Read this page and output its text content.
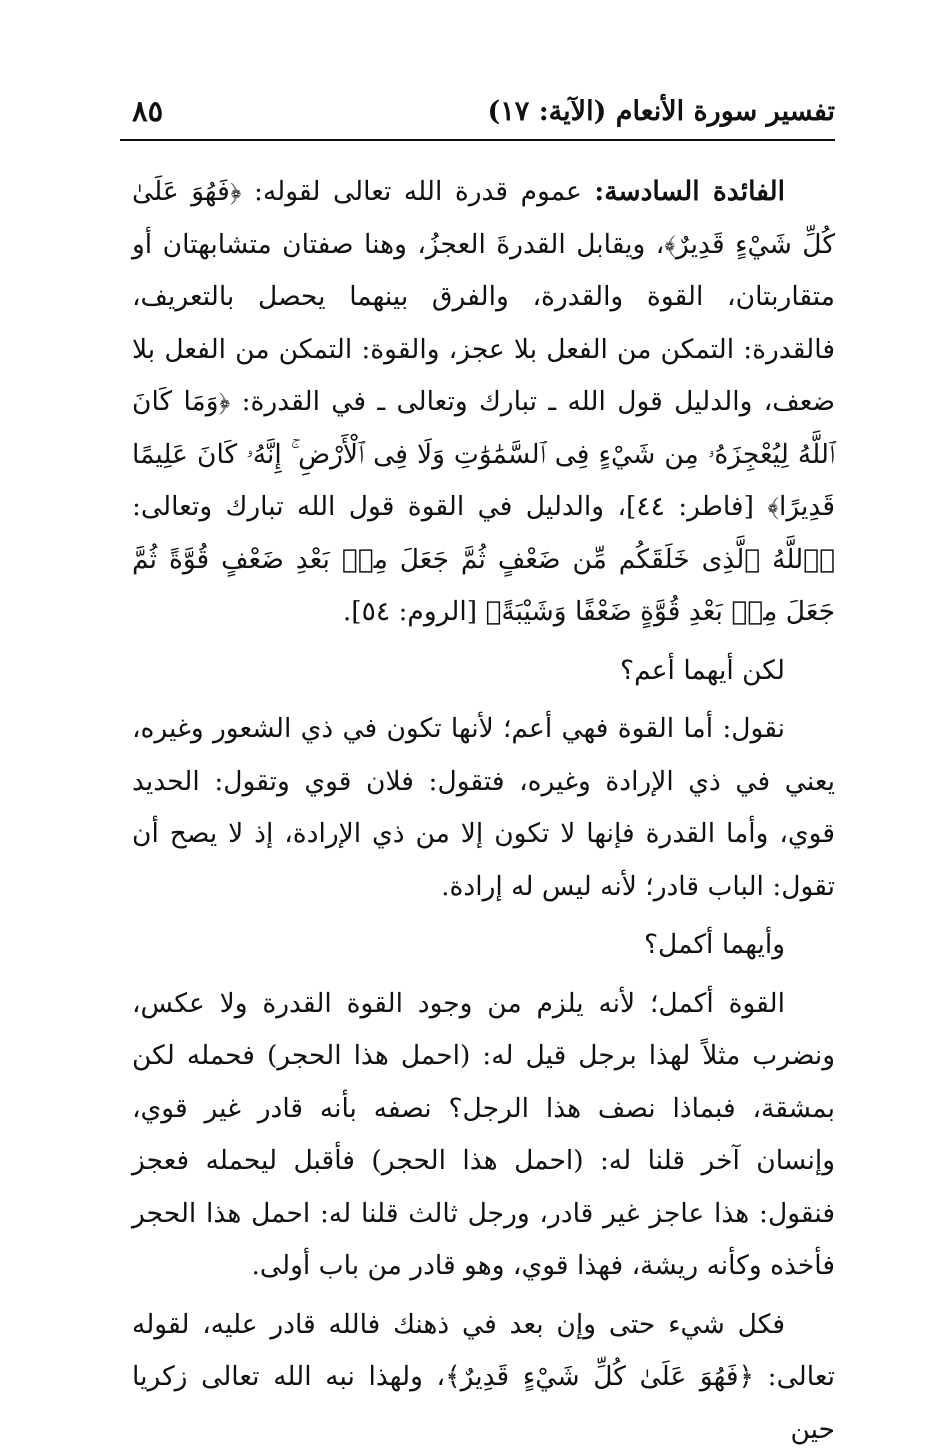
تفسير سورة الأنعام (الآية: ١٧)
٨٥

الفائدة السادسة: عموم قدرة الله تعالى لقوله: ﴿فَهُوَ عَلَىٰ كُلِّ شَيْءٍ قَدِيرٌ﴾، ويقابل القدرةَ العجزُ، وهنا صفتان متشابهتان أو متقاربتان، القوة والقدرة، والفرق بينهما يحصل بالتعريف، فالقدرة: التمكن من الفعل بلا عجز، والقوة: التمكن من الفعل بلا ضعف، والدليل قول الله ـ تبارك وتعالى ـ في القدرة: ﴿وَمَا كَانَ ٱللَّهُ لِيُعْجِزَهُۥ مِن شَيْءٍ فِى ٱلسَّمَٰوَٰتِ وَلَا فِى ٱلْأَرْضِ ۚ إِنَّهُۥ كَانَ عَلِيمًا قَدِيرًا﴾ [فاطر: ٤٤]، والدليل في القوة قول الله تبارك وتعالى: ﴿ٱللَّهُ ٱلَّذِى خَلَقَكُم مِّن ضَعْفٍ ثُمَّ جَعَلَ مِنۢ بَعْدِ ضَعْفٍ قُوَّةً ثُمَّ جَعَلَ مِنۢ بَعْدِ قُوَّةٍ ضَعْفًا وَشَيْبَةً﴾ [الروم: ٥٤].

لكن أيهما أعم؟

نقول: أما القوة فهي أعم؛ لأنها تكون في ذي الشعور وغيره، يعني في ذي الإرادة وغيره، فتقول: فلان قوي وتقول: الحديد قوي، وأما القدرة فإنها لا تكون إلا من ذي الإرادة، إذ لا يصح أن تقول: الباب قادر؛ لأنه ليس له إرادة.

وأيهما أكمل؟

القوة أكمل؛ لأنه يلزم من وجود القوة القدرة ولا عكس، ونضرب مثلاً لهذا برجل قيل له: (احمل هذا الحجر) فحمله لكن بمشقة، فبماذا نصف هذا الرجل؟ نصفه بأنه قادر غير قوي، وإنسان آخر قلنا له: (احمل هذا الحجر) فأقبل ليحمله فعجز فنقول: هذا عاجز غير قادر، ورجل ثالث قلنا له: احمل هذا الحجر فأخذه وكأنه ريشة، فهذا قوي، وهو قادر من باب أولى.

فكل شيء حتى وإن بعد في ذهنك فالله قادر عليه، لقوله تعالى: ﴿فَهُوَ عَلَىٰ كُلِّ شَيْءٍ قَدِيرٌ﴾، ولهذا نبه الله تعالى زكريا حين
